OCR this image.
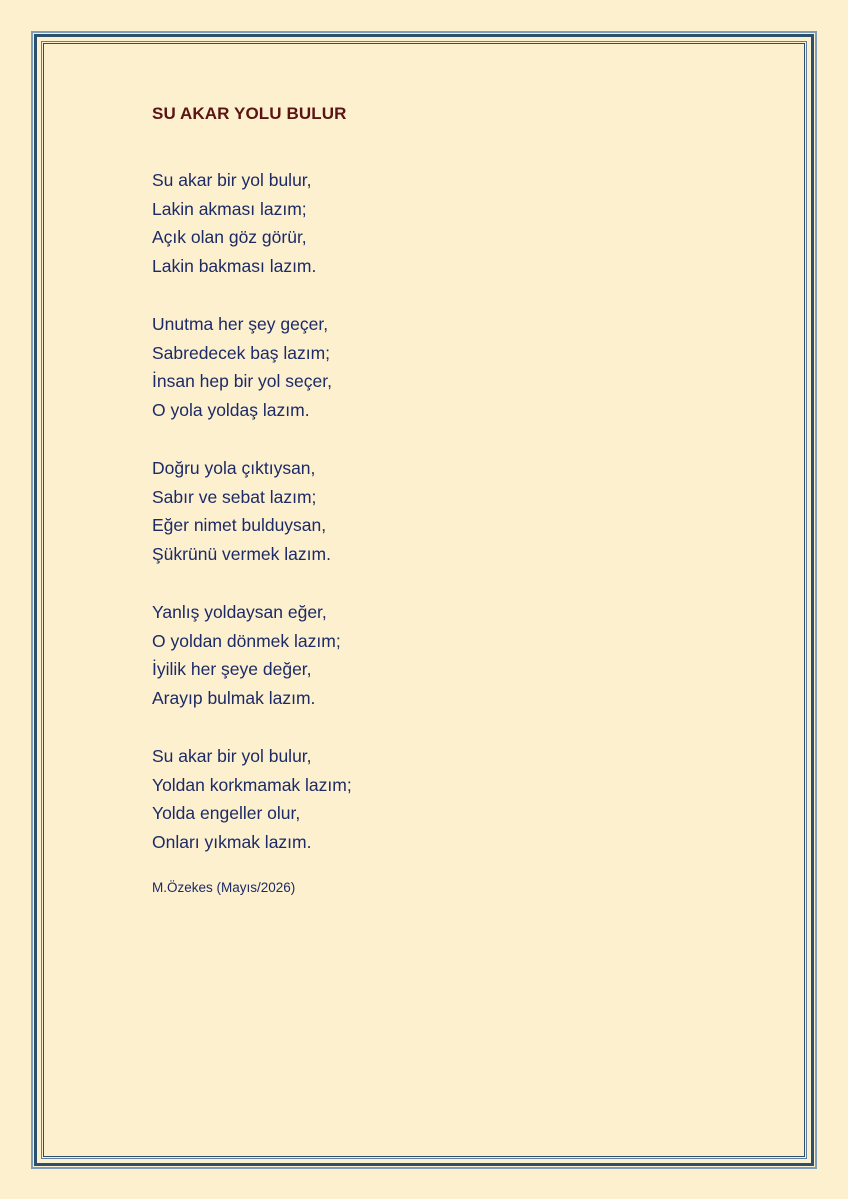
SU AKAR YOLU BULUR
Su akar bir yol bulur,
Lakin akması lazım;
Açık olan göz görür,
Lakin bakması lazım.
Unutma her şey geçer,
Sabredecek baş lazım;
İnsan hep bir yol seçer,
O yola yoldaş lazım.
Doğru yola çıktıysan,
Sabır ve sebat lazım;
Eğer nimet bulduysan,
Şükrünü vermek lazım.
Yanlış yoldaysan eğer,
O yoldan dönmek lazım;
İyilik her şeye değer,
Arayıp bulmak lazım.
Su akar bir yol bulur,
Yoldan korkmamak lazım;
Yolda engeller olur,
Onları yıkmak lazım.
M.Özekes (Mayıs/2026)
